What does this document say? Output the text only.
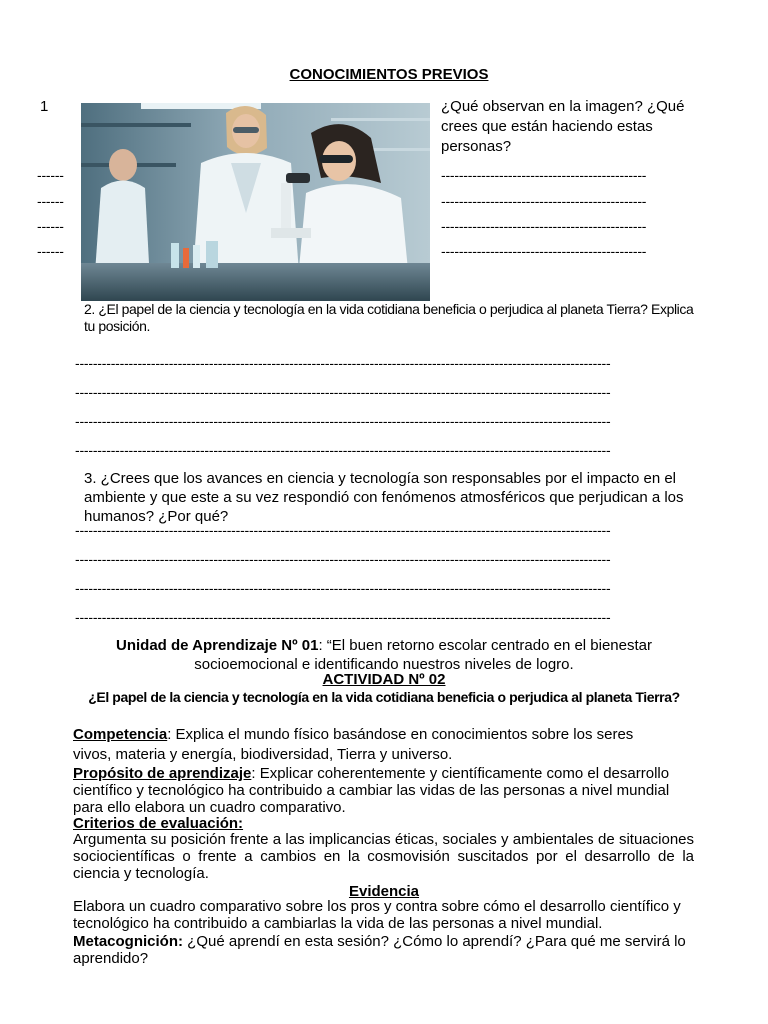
CONOCIMIENTOS PREVIOS
1	¿Qué observan en la imagen? ¿Qué crees que están haciendo estas personas?
------
------
------
------
----------------------------------------------
----------------------------------------------
----------------------------------------------
----------------------------------------------
2. ¿El papel de la ciencia y tecnología en la vida cotidiana beneficia o perjudica al planeta Tierra? Explica tu posición.
------------------------------------------------------------------------------------------------------------------------
------------------------------------------------------------------------------------------------------------------------
------------------------------------------------------------------------------------------------------------------------
------------------------------------------------------------------------------------------------------------------------
3. ¿Crees que los avances en ciencia y tecnología son responsables por el impacto en el ambiente y que este a su vez respondió con fenómenos atmosféricos que perjudican a los humanos? ¿Por qué?
------------------------------------------------------------------------------------------------------------------------
------------------------------------------------------------------------------------------------------------------------
------------------------------------------------------------------------------------------------------------------------
------------------------------------------------------------------------------------------------------------------------
Unidad de Aprendizaje Nº 01: “El buen retorno escolar centrado en el bienestar socioemocional e identificando nuestros niveles de logro.
ACTIVIDAD Nº 02
¿El papel de la ciencia y tecnología en la vida cotidiana beneficia o perjudica al planeta Tierra?
Competencia: Explica el mundo físico basándose en conocimientos sobre los seres vivos, materia y energía, biodiversidad, Tierra y universo.
Propósito de aprendizaje: Explicar coherentemente y científicamente como el desarrollo científico y tecnológico ha contribuido a cambiar las vidas de las personas a nivel mundial para ello elabora un cuadro comparativo.
Criterios de evaluación:
Argumenta su posición frente a las implicancias éticas, sociales y ambientales de situaciones sociocientíficas o frente a cambios en la cosmovisión suscitados por el desarrollo de la ciencia y tecnología.
Evidencia
Elabora un cuadro comparativo sobre los pros y contra sobre cómo el desarrollo científico y tecnológico ha contribuido a cambiarlas la vida de las personas a nivel mundial.
Metacognición: ¿Qué aprendí en esta sesión? ¿Cómo lo aprendí? ¿Para qué me servirá lo aprendido?
